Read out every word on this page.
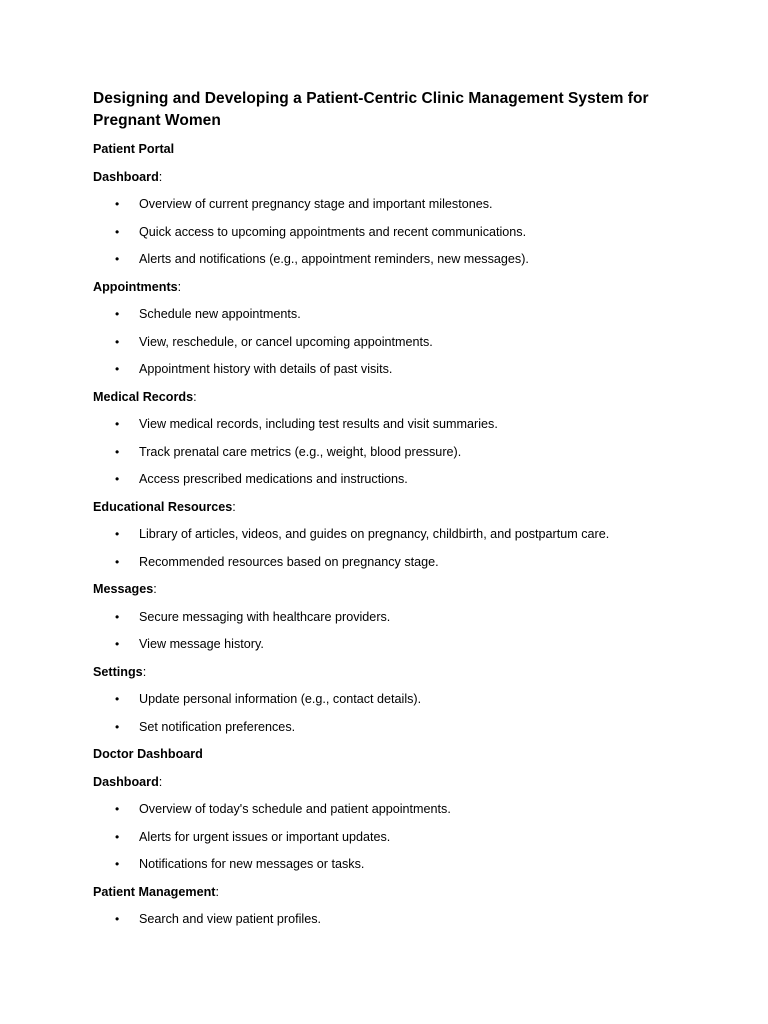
Designing and Developing a Patient-Centric Clinic Management System for Pregnant Women
Patient Portal
Dashboard:
• Overview of current pregnancy stage and important milestones.
• Quick access to upcoming appointments and recent communications.
• Alerts and notifications (e.g., appointment reminders, new messages).
Appointments:
• Schedule new appointments.
• View, reschedule, or cancel upcoming appointments.
• Appointment history with details of past visits.
Medical Records:
• View medical records, including test results and visit summaries.
• Track prenatal care metrics (e.g., weight, blood pressure).
• Access prescribed medications and instructions.
Educational Resources:
• Library of articles, videos, and guides on pregnancy, childbirth, and postpartum care.
• Recommended resources based on pregnancy stage.
Messages:
• Secure messaging with healthcare providers.
• View message history.
Settings:
• Update personal information (e.g., contact details).
• Set notification preferences.
Doctor Dashboard
Dashboard:
• Overview of today's schedule and patient appointments.
• Alerts for urgent issues or important updates.
• Notifications for new messages or tasks.
Patient Management:
• Search and view patient profiles.
